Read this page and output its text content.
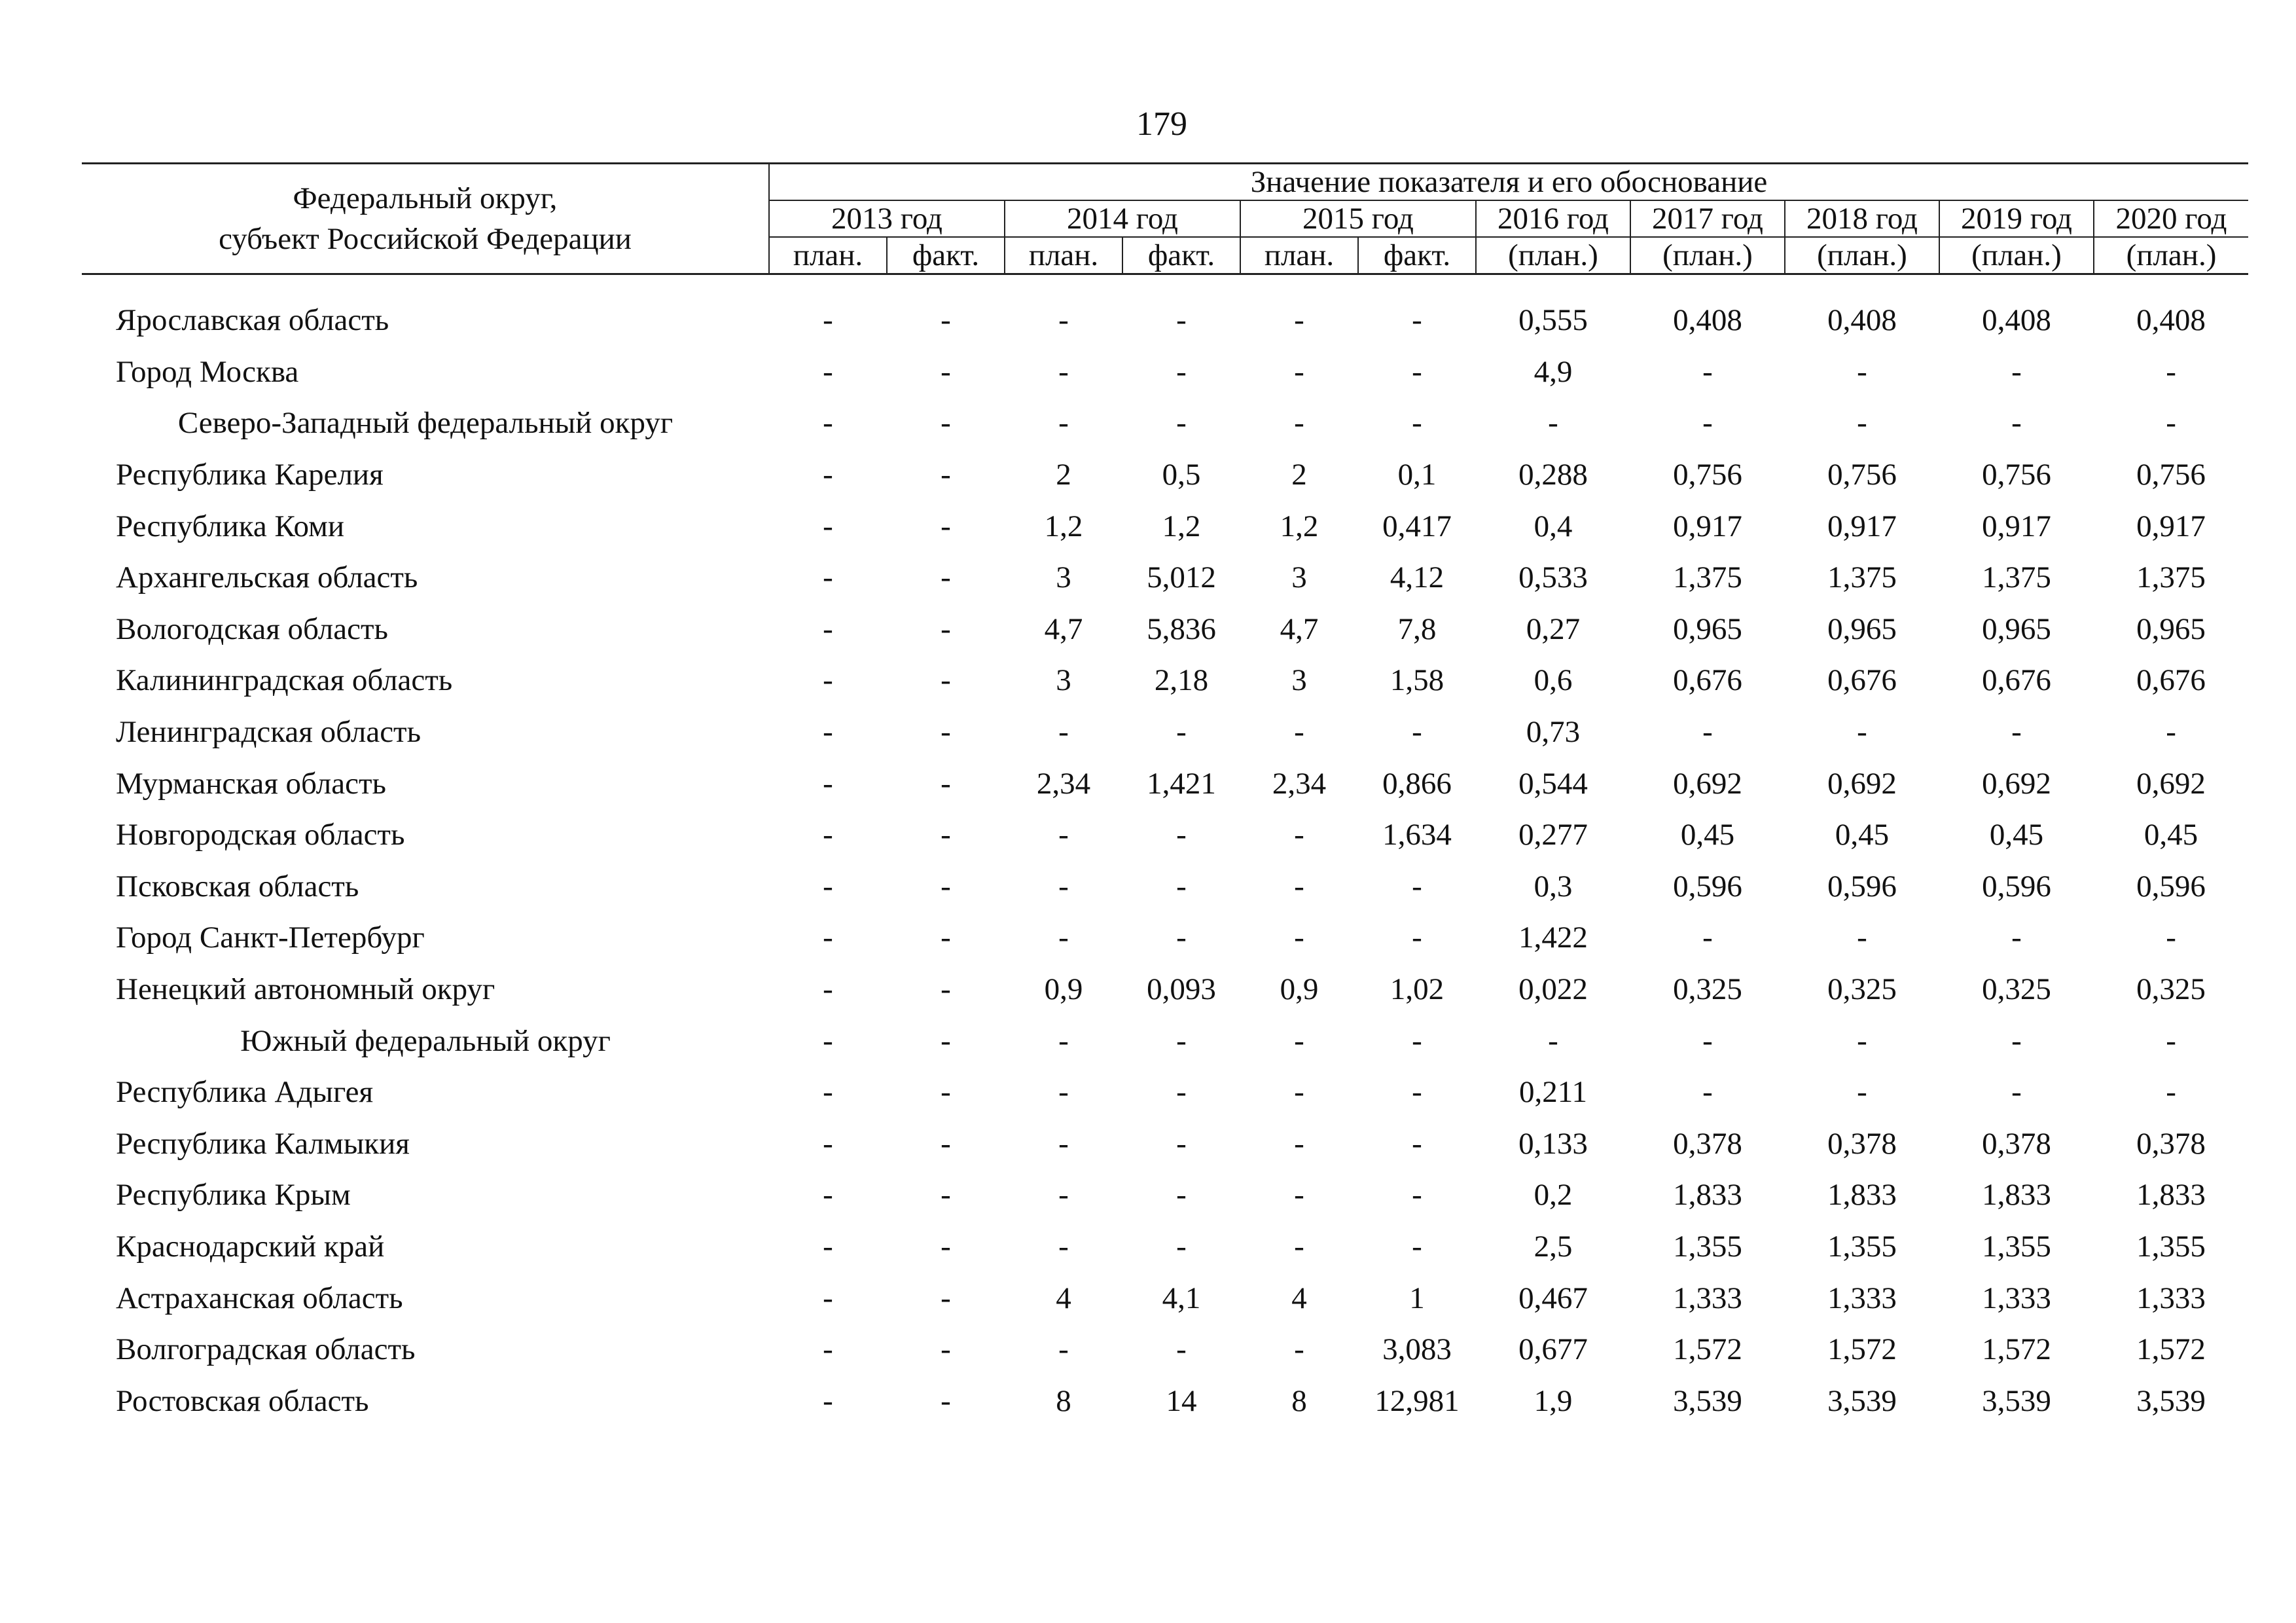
179
Федеральный округ,
субъект Российской Федерации	Значение показателя и его обоснование										
	2013 год		2014 год		2015 год		2016 год	2017 год	2018 год	2019 год	2020 год
	план.	факт.	план.	факт.	план.	факт.	(план.)	(план.)	(план.)	(план.)	(план.)
Ярославская область	-	-	-	-	-	-	0,555	0,408	0,408	0,408	0,408
Город Москва	-	-	-	-	-	-	4,9	-	-	-	-
Северо-Западный федеральный округ	-	-	-	-	-	-	-	-	-	-	-
Республика Карелия	-	-	2	0,5	2	0,1	0,288	0,756	0,756	0,756	0,756
Республика Коми	-	-	1,2	1,2	1,2	0,417	0,4	0,917	0,917	0,917	0,917
Архангельская область	-	-	3	5,012	3	4,12	0,533	1,375	1,375	1,375	1,375
Вологодская область	-	-	4,7	5,836	4,7	7,8	0,27	0,965	0,965	0,965	0,965
Калининградская область	-	-	3	2,18	3	1,58	0,6	0,676	0,676	0,676	0,676
Ленинградская область	-	-	-	-	-	-	0,73	-	-	-	-
Мурманская область	-	-	2,34	1,421	2,34	0,866	0,544	0,692	0,692	0,692	0,692
Новгородская область	-	-	-	-	-	1,634	0,277	0,45	0,45	0,45	0,45
Псковская область	-	-	-	-	-	-	0,3	0,596	0,596	0,596	0,596
Город Санкт-Петербург	-	-	-	-	-	-	1,422	-	-	-	-
Ненецкий автономный округ	-	-	0,9	0,093	0,9	1,02	0,022	0,325	0,325	0,325	0,325
Южный федеральный округ	-	-	-	-	-	-	-	-	-	-	-
Республика Адыгея	-	-	-	-	-	-	0,211	-	-	-	-
Республика Калмыкия	-	-	-	-	-	-	0,133	0,378	0,378	0,378	0,378
Республика Крым	-	-	-	-	-	-	0,2	1,833	1,833	1,833	1,833
Краснодарский край	-	-	-	-	-	-	2,5	1,355	1,355	1,355	1,355
Астраханская область	-	-	4	4,1	4	1	0,467	1,333	1,333	1,333	1,333
Волгоградская область	-	-	-	-	-	3,083	0,677	1,572	1,572	1,572	1,572
Ростовская область	-	-	8	14	8	12,981	1,9	3,539	3,539	3,539	3,539
